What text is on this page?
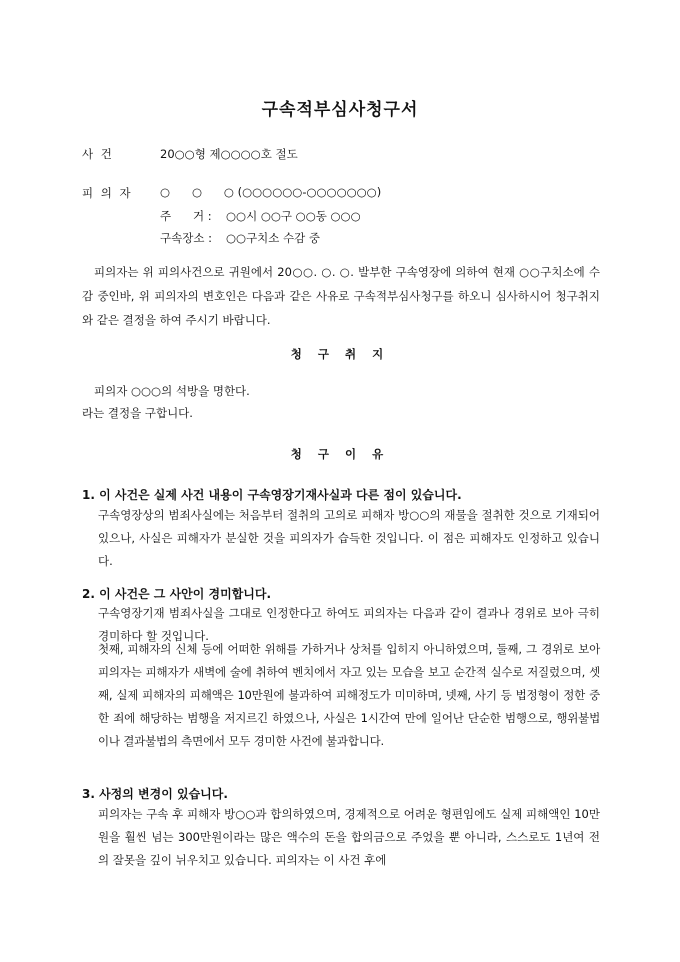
구속적부심사청구서
사 건	20○○형 제○○○○호 절도
피 의 자 ○      ○      ○ (○○○○○○-○○○○○○○)
주      거 : ○○시 ○○구 ○○동 ○○○
구속장소 : ○○구치소 수감 중
피의자는 위 피의사건으로 귀원에서 20○○. ○. ○. 발부한 구속영장에 의하여 현재 ○○구치소에 수감 중인바, 위 피의자의 변호인은 다음과 같은 사유로 구속적부심사청구를 하오니 심사하시어 청구취지와 같은 결정을 하여 주시기 바랍니다.
청 구 취 지
피의자 ○○○의 석방을 명한다.
라는 결정을 구합니다.
청 구 이 유
1. 이 사건은 실제 사건 내용이 구속영장기재사실과 다른 점이 있습니다.
구속영장상의 범죄사실에는 처음부터 절취의 고의로 피해자 방○○의 재물을 절취한 것으로 기재되어 있으나, 사실은 피해자가 분실한 것을 피의자가 습득한 것입니다. 이 점은 피해자도 인정하고 있습니다.
2. 이 사건은 그 사안이 경미합니다.
구속영장기재 범죄사실을 그대로 인정한다고 하여도 피의자는 다음과 같이 결과나 경위로 보아 극히 경미하다 할 것입니다.
첫째, 피해자의 신체 등에 어떠한 위해를 가하거나 상처를 입히지 아니하였으며, 둘째, 그 경위로 보아 피의자는 피해자가 새벽에 술에 취하여 벤치에서 자고 있는 모습을 보고 순간적 실수로 저질렀으며, 셋째, 실제 피해자의 피해액은 10만원에 불과하여 피해정도가 미미하며, 넷째, 사기 등 법정형이 정한 중한 죄에 해당하는 범행을 저지르긴 하였으나, 사실은 1시간여 만에 일어난 단순한 범행으로, 행위불법이나 결과불법의 측면에서 모두 경미한 사건에 불과합니다.
3. 사정의 변경이 있습니다.
피의자는 구속 후 피해자 방○○과 합의하였으며, 경제적으로 어려운 형편임에도 실제 피해액인 10만원을 훨씬 넘는 300만원이라는 많은 액수의 돈을 합의금으로 주었을 뿐 아니라, 스스로도 1년여 전의 잘못을 깊이 뉘우치고 있습니다. 피의자는 이 사건 후에
